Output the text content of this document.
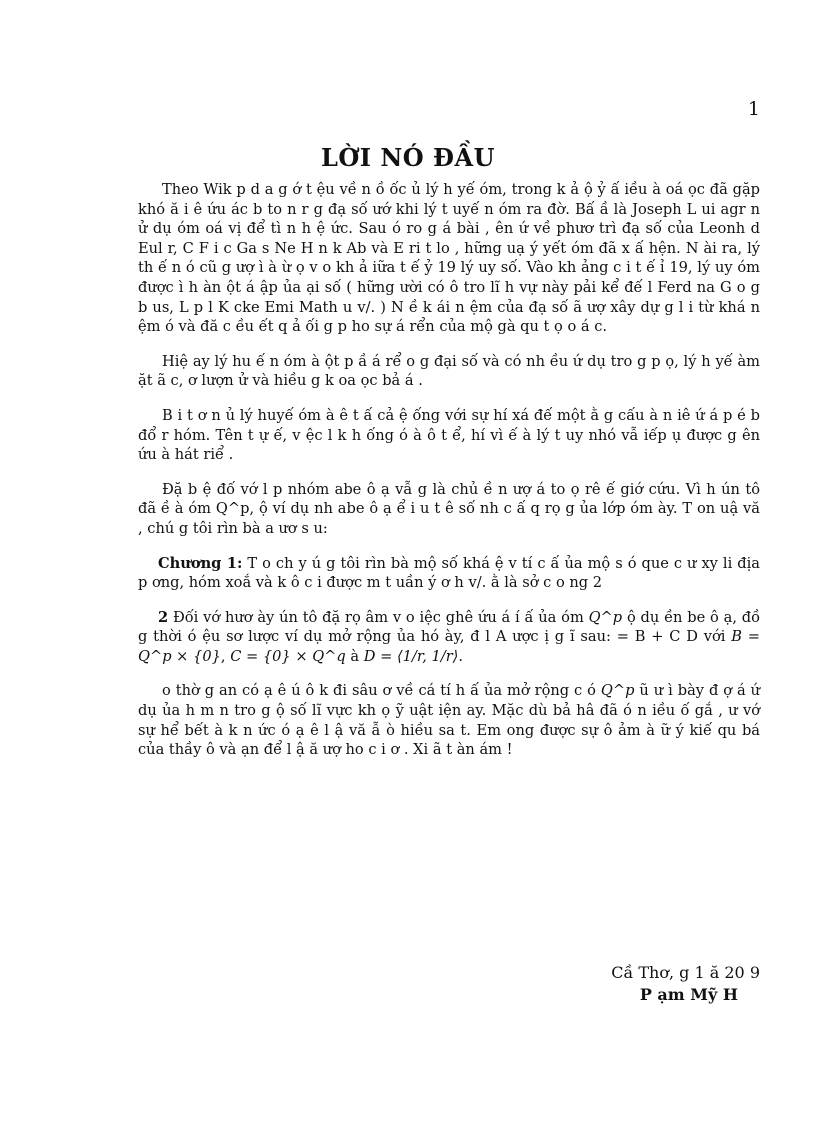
1
LỜI NÓ ĐẦU

Theo Wik p d a g ớ t ệu về n ồ ốc ủ lý h yế óm, trong k ả ộ ỷ ấ iều à oá ọc đã gặp khó ă i ê ứu ác b to n r g đạ số ướ khi lý t uyế n óm ra đờ. Bấ ầ là Joseph L ui agr n ử dụ óm oá vị để tì n h ệ ức. Sau ó ro g á bài , ên ứ về phươ trì đạ số của Leonh d Eul r, C F i c Ga s Ne H n k Ab và E ri t lo , hững uạ ý yết óm đã x ấ hện. N ài ra, lý th ế n ó cũ g ượ ì à ừ ọ v o kh ả iữa t ế ỷ 19 lý uy số. Vào kh ảng c i t ế ỉ 19, lý uy óm được ì h àn ột á ập ủa ại số ( hững ười có ô tro lĩ h vự này pải kể đế l Ferd na G o g b us, L p l K cke Emi Math u v/. ) N ề k ái n ệm của đạ số ã ượ xây dự g l i từ khá n ệm ó và đă c ều ết q ả ối g p ho sự á rển của mộ gà qu t ọ o á c.

Hiệ ay lý hu ế n óm à ột p ầ á rể o g đại số và có nh ều ứ dụ tro g p ọ, lý h yế àm ặt ã c, ơ lượn ử và hiều g k oa ọc bả á .

B i t ơ n ủ lý huyế óm à ê t ấ cả ệ ống với sự hí xá đế một ằ g cấu à n iê ứ á p é b đổ r hóm. Tên t ự ế, v ệc l k h ống ó à ô t ể, hí vì ế à lý t uy nhó vẫ iếp ụ được g ên ứu à hát riể .

Đặ b ệ đố vớ l p nhóm abe ô ạ vẫ g là chủ ề n ượ á to ọ rê ế giớ cứu. Vì h ún tô đã ề à óm Q^p, ộ ví dụ nh abe ô ạ ể i u t ê số nh c ấ q rọ g ủa lớp óm ày. T on uậ vă , chú g tôi rìn bà a ươ s u:

Chương 1: T o ch y ú g tôi rìn bà mộ số khá ệ v tí c ấ ủa mộ s ó que c ư xy li địa p ơng, hóm xoắ và k ô c i được m t uần ý ơ h v/. ằ là sở c o ng 2

2 Đối vớ hươ ày ún tô đặ rọ âm v o iệc ghê ứu á í ấ ủa óm Q^p ộ dụ ền be ô ạ, đồ g thời ó ệu sơ lược ví dụ mở rộng ủa hó ày, đ l A ược ị g ĩ sau: = B + C D với B = Q^p × {0}, C = {0} × Q^q à D = ⟨1/r, 1/r⟩.

o thờ g an có ạ ê ú ô k đi sâu ơ về cá tí h ấ ủa mở rộng c ó Q^p ũ ư ì bày đ ợ á ứ dụ ủa h m n tro g ộ số lĩ vực kh ọ ỹ uật iện ay. Mặc dù bả hâ đã ó n iều ố gắ , ư vớ sự hể bết à k n ức ó ạ ê l ậ vă ẫ ò hiều sa t. Em ong được sự ô ảm à ữ ý kiế qu bá của thầy ô và ạn để l ậ ă ượ ho c i ơ . Xi ã t àn ám !

Cầ Thơ, g 1 ă 20 9
P ạm Mỹ H
